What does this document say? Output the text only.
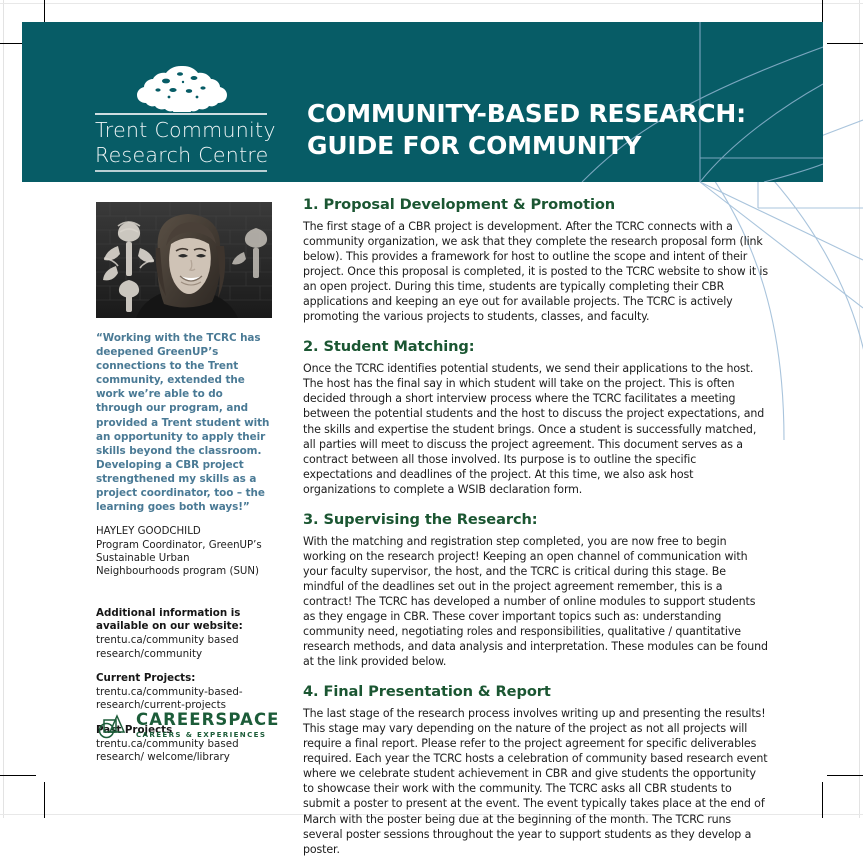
Trent Community
Research Centre
COMMUNITY-BASED RESEARCH:
GUIDE FOR COMMUNITY

“Working with the TCRC has deepened GreenUP’s connections to the Trent community, extended the work we’re able to do through our program, and provided a Trent student with an opportunity to apply their skills beyond the classroom. Developing a CBR project strengthened my skills as a project coordinator, too – the learning goes both ways!”

HAYLEY GOODCHILD
Program Coordinator, GreenUP’s Sustainable Urban Neighbourhoods program (SUN)

Additional information is available on our website:

trentu.ca/community based research/community

Current Projects:

trentu.ca/community-based-research/current-projects

Past Projects

trentu.ca/community based research/ welcome/library

CAREERSPACE
CAREERS & EXPERIENCES
1. Proposal Development & Promotion

The first stage of a CBR project is development. After the TCRC connects with a community organization, we ask that they complete the research proposal form (link below). This provides a framework for host to outline the scope and intent of their project. Once this proposal is completed, it is posted to the TCRC website to show it is an open project. During this time, students are typically completing their CBR applications and keeping an eye out for available projects. The TCRC is actively promoting the various projects to students, classes, and faculty.

2. Student Matching:

Once the TCRC identifies potential students, we send their applications to the host. The host has the final say in which student will take on the project. This is often decided through a short interview process where the TCRC facilitates a meeting between the potential students and the host to discuss the project expectations, and the skills and expertise the student brings. Once a student is successfully matched, all parties will meet to discuss the project agreement. This document serves as a contract between all those involved. Its purpose is to outline the specific expectations and deadlines of the project. At this time, we also ask host organizations to complete a WSIB declaration form.

3. Supervising the Research:

With the matching and registration step completed, you are now free to begin working on the research project! Keeping an open channel of communication with your faculty supervisor, the host, and the TCRC is critical during this stage. Be mindful of the deadlines set out in the project agreement remember, this is a contract! The TCRC has developed a number of online modules to support students as they engage in CBR. These cover important topics such as: understanding community need, negotiating roles and responsibilities, qualitative / quantitative research methods, and data analysis and interpretation. These modules can be found at the link provided below.

4. Final Presentation & Report

The last stage of the research process involves writing up and presenting the results! This stage may vary depending on the nature of the project as not all projects will require a final report. Please refer to the project agreement for specific deliverables required. Each year the TCRC hosts a celebration of community based research event where we celebrate student achievement in CBR and give students the opportunity to showcase their work with the community. The TCRC asks all CBR students to submit a poster to present at the event. The event typically takes place at the end of March with the poster being due at the beginning of the month. The TCRC runs several poster sessions throughout the year to support students as they develop a poster.
